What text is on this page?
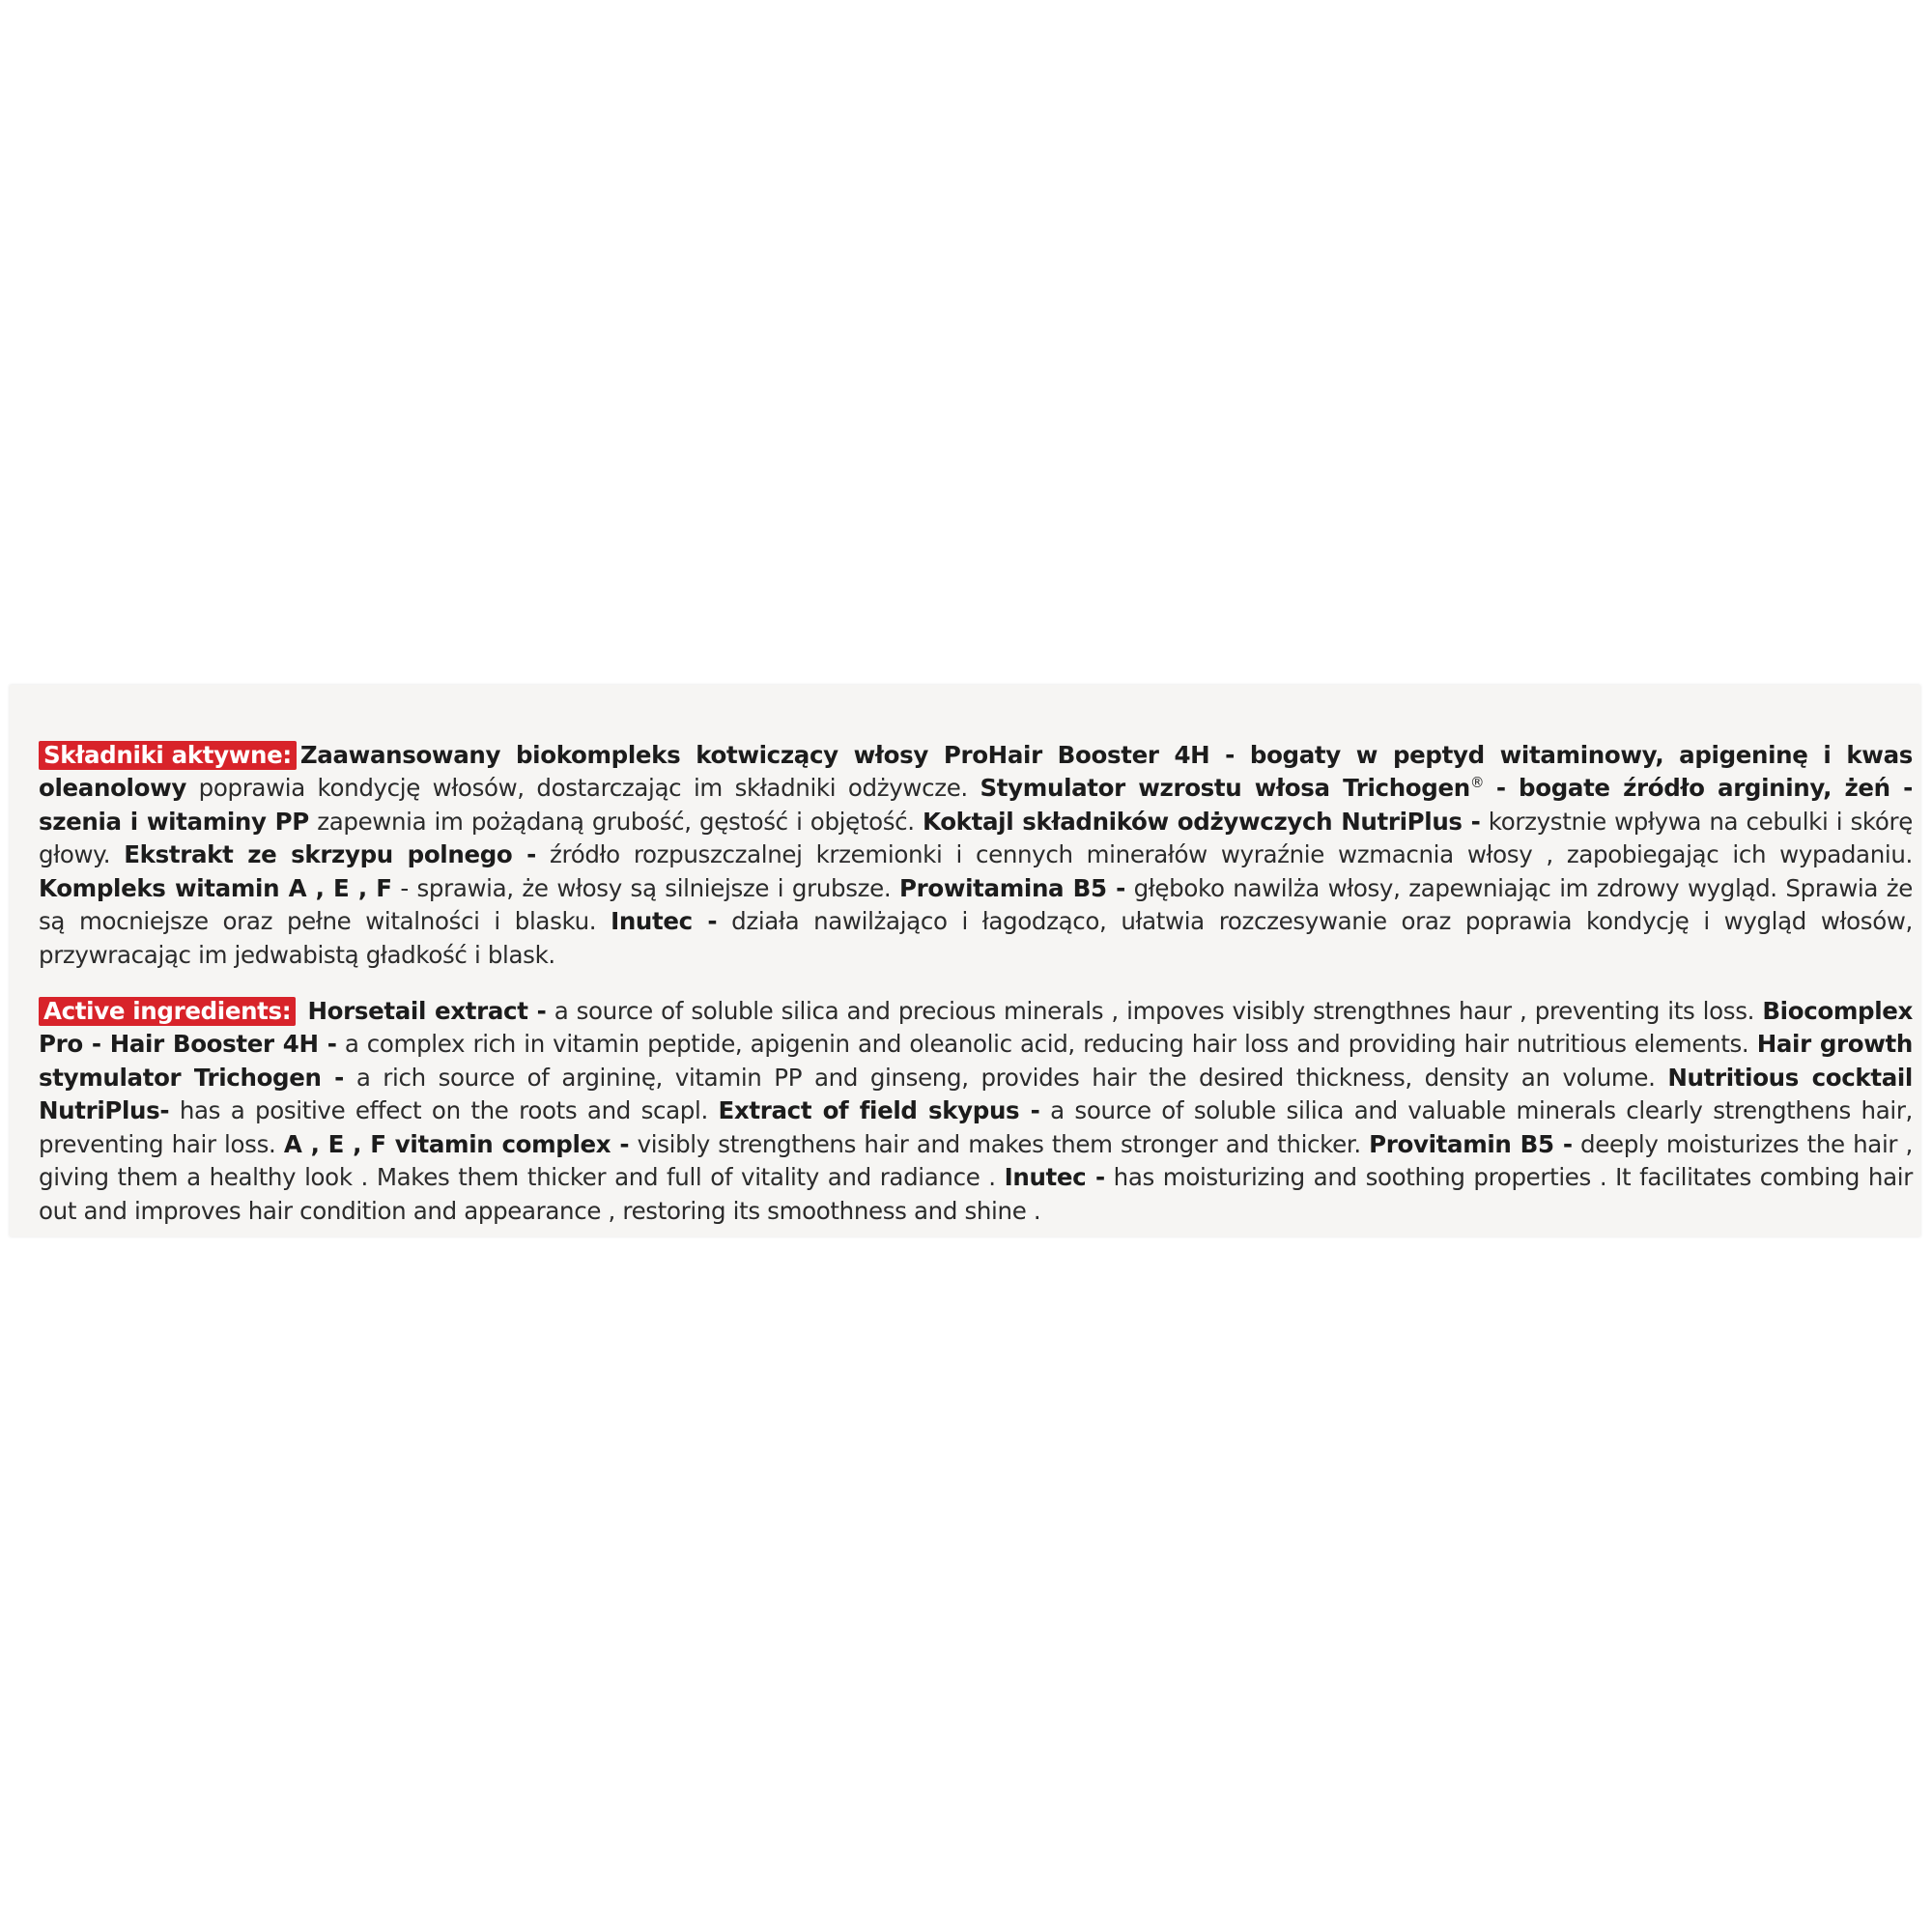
Składniki aktywne: Zaawansowany biokompleks kotwiczący włosy ProHair Booster 4H - bogaty w peptyd witaminowy, apigeninę i kwas oleanolowy poprawia kondycję włosów, dostarczając im składniki odżywcze. Stymulator wzrostu włosa Trichogen® - bogate źródło argininy, żeń - szenia i witaminy PP zapewnia im pożądaną grubość, gęstość i objętość. Koktajl składników odżywczych NutriPlus - korzystnie wpływa na cebulki i skórę głowy. Ekstrakt ze skrzypu polnego - źródło rozpuszczalnej krzemionki i cennych minerałów wyraźnie wzmacnia włosy , zapobiegając ich wypadaniu. Kompleks witamin A , E , F - sprawia, że włosy są silniejsze i grubsze. Prowitamina B5 - głęboko nawilża włosy, zapewniając im zdrowy wygląd. Sprawia że są mocniejsze oraz pełne witalności i blasku. Inutec - działa nawilżająco i łagodząco, ułatwia rozczesywanie oraz poprawia kondycję i wygląd włosów, przywracając im jedwabistą gładkość i blask.

Active ingredients: Horsetail extract - a source of soluble silica and precious minerals , impoves visibly strengthnes haur , preventing its loss. Biocomplex Pro - Hair Booster 4H - a complex rich in vitamin peptide, apigenin and oleanolic acid, reducing hair loss and providing hair nutritious elements. Hair growth stymulator Trichogen - a rich source of argininę, vitamin PP and ginseng, provides hair the desired thickness, density an volume. Nutritious cocktail NutriPlus- has a positive effect on the roots and scapl. Extract of field skypus - a source of soluble silica and valuable minerals clearly strengthens hair, preventing hair loss. A , E , F vitamin complex - visibly strengthens hair and makes them stronger and thicker. Provitamin B5 - deeply moisturizes the hair , giving them a healthy look . Makes them thicker and full of vitality and radiance . Inutec - has moisturizing and soothing properties . It facilitates combing hair out and improves hair condition and appearance , restoring its smoothness and shine .
